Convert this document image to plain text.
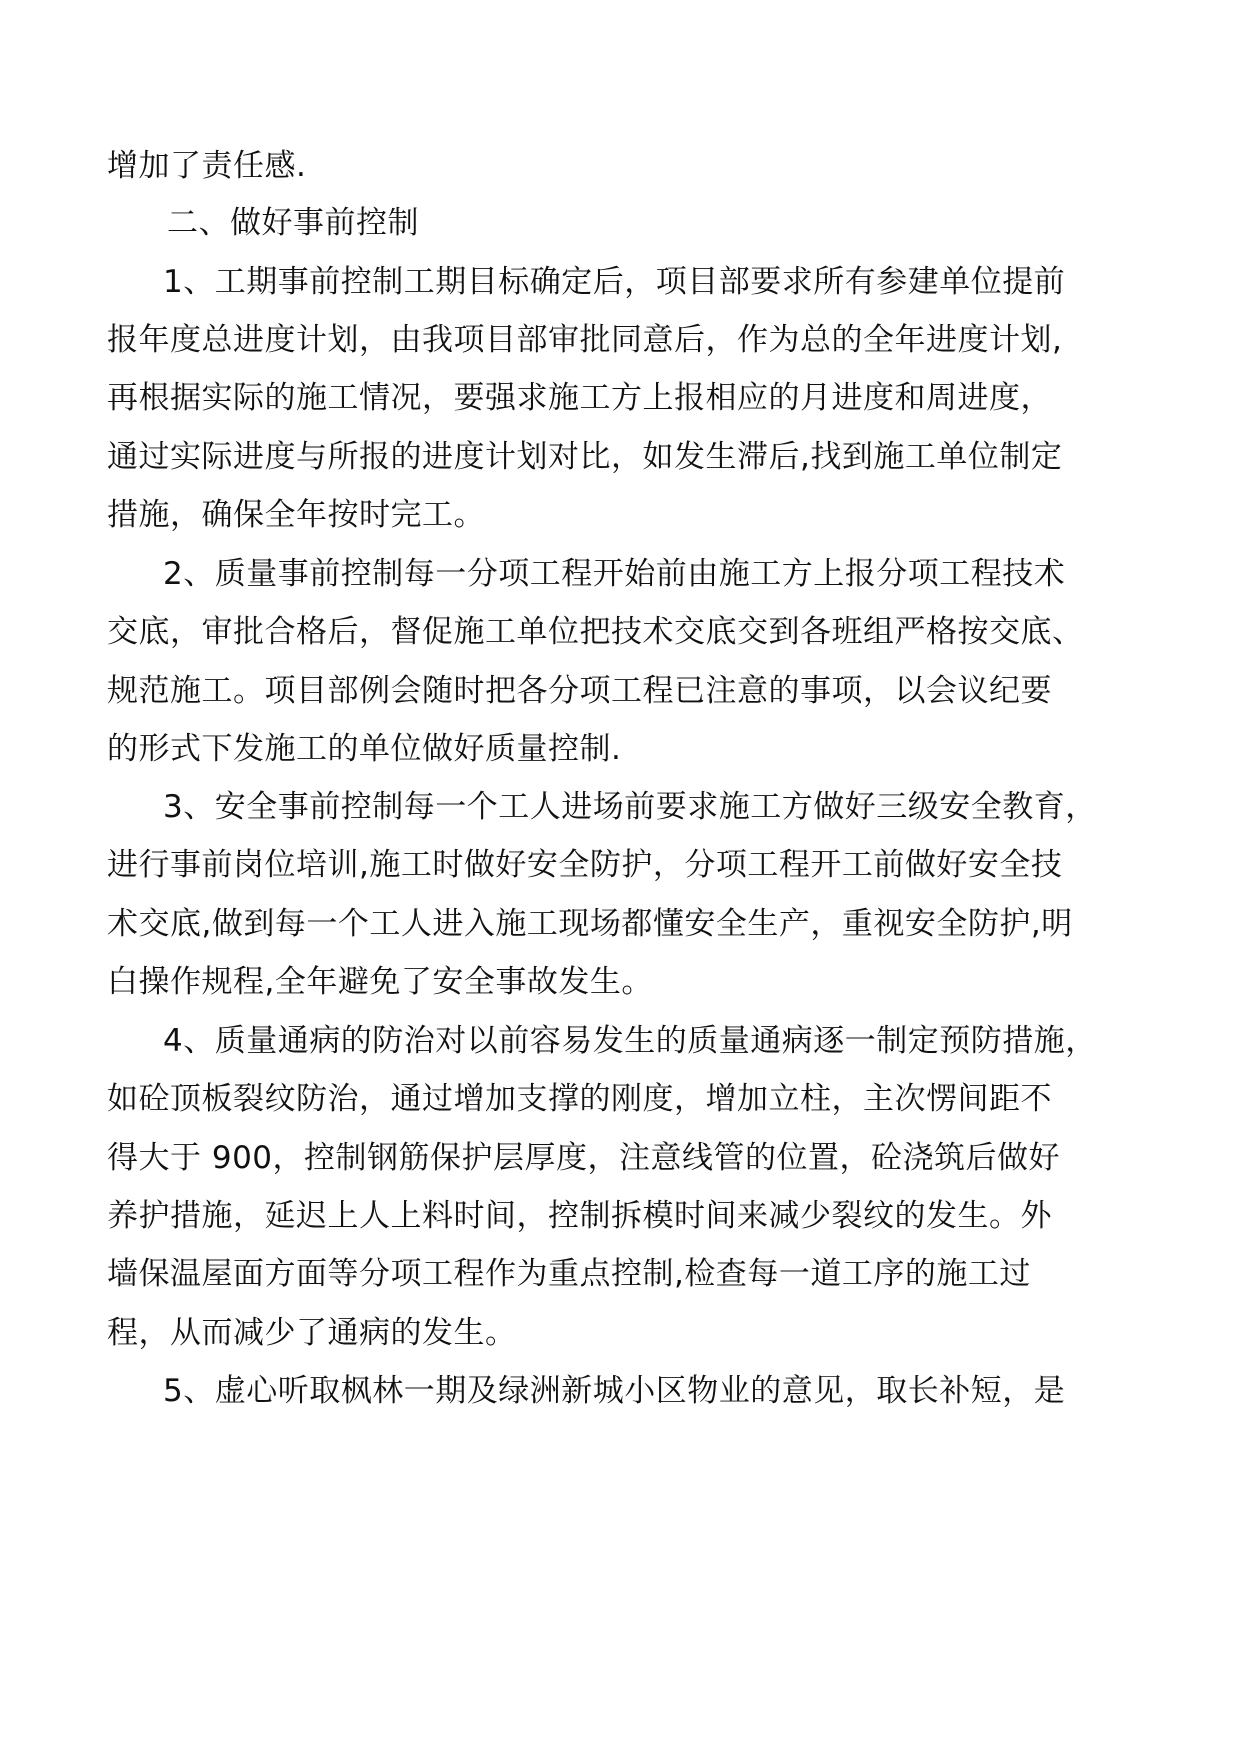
增加了责任感.
二、做好事前控制
1、工期事前控制工期目标确定后，项目部要求所有参建单位提前
报年度总进度计划，由我项目部审批同意后，作为总的全年进度计划,
再根据实际的施工情况，要强求施工方上报相应的月进度和周进度，
通过实际进度与所报的进度计划对比，如发生滞后,找到施工单位制定
措施，确保全年按时完工。
2、质量事前控制每一分项工程开始前由施工方上报分项工程技术
交底，审批合格后，督促施工单位把技术交底交到各班组严格按交底、
规范施工。项目部例会随时把各分项工程已注意的事项，以会议纪要
的形式下发施工的单位做好质量控制.
3、安全事前控制每一个工人进场前要求施工方做好三级安全教育，
进行事前岗位培训,施工时做好安全防护，分项工程开工前做好安全技
术交底,做到每一个工人进入施工现场都懂安全生产，重视安全防护,明
白操作规程,全年避免了安全事故发生。
4、质量通病的防治对以前容易发生的质量通病逐一制定预防措施，
如砼顶板裂纹防治，通过增加支撑的刚度，增加立柱，主次愣间距不
得大于 900，控制钢筋保护层厚度，注意线管的位置，砼浇筑后做好
养护措施，延迟上人上料时间，控制拆模时间来减少裂纹的发生。外
墙保温屋面方面等分项工程作为重点控制,检查每一道工序的施工过
程，从而减少了通病的发生。
5、虚心听取枫林一期及绿洲新城小区物业的意见，取长补短，是
